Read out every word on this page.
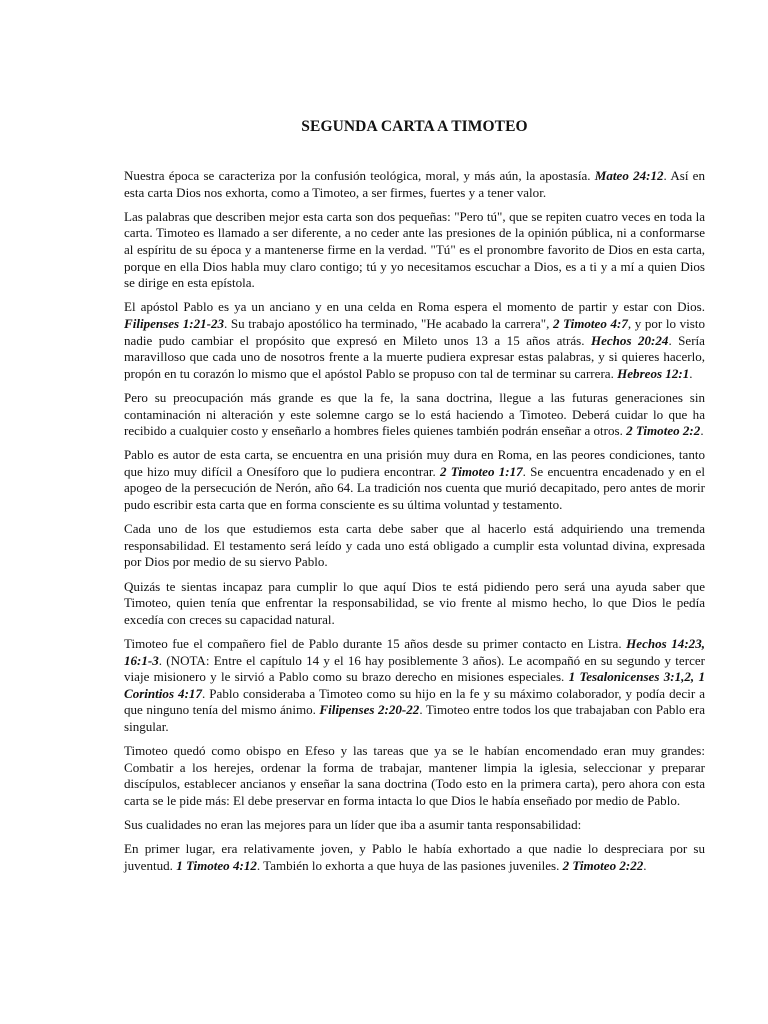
SEGUNDA CARTA A TIMOTEO

Nuestra época se caracteriza por la confusión teológica, moral, y más aún, la apostasía. Mateo 24:12. Así en esta carta Dios nos exhorta, como a Timoteo, a ser firmes, fuertes y a tener valor.

Las palabras que describen mejor esta carta son dos pequeñas: "Pero tú", que se repiten cuatro veces en toda la carta. Timoteo es llamado a ser diferente, a no ceder ante las presiones de la opinión pública, ni a conformarse al espíritu de su época y a mantenerse firme en la verdad. "Tú" es el pronombre favorito de Dios en esta carta, porque en ella Dios habla muy claro contigo; tú y yo necesitamos escuchar a Dios, es a ti y a mí a quien Dios se dirige en esta epístola.

El apóstol Pablo es ya un anciano y en una celda en Roma espera el momento de partir y estar con Dios. Filipenses 1:21-23. Su trabajo apostólico ha terminado, "He acabado la carrera", 2 Timoteo 4:7, y por lo visto nadie pudo cambiar el propósito que expresó en Mileto unos 13 a 15 años atrás. Hechos 20:24. Sería maravilloso que cada uno de nosotros frente a la muerte pudiera expresar estas palabras, y si quieres hacerlo, propón en tu corazón lo mismo que el apóstol Pablo se propuso con tal de terminar su carrera. Hebreos 12:1.

Pero su preocupación más grande es que la fe, la sana doctrina, llegue a las futuras generaciones sin contaminación ni alteración y este solemne cargo se lo está haciendo a Timoteo. Deberá cuidar lo que ha recibido a cualquier costo y enseñarlo a hombres fieles quienes también podrán enseñar a otros. 2 Timoteo 2:2.

Pablo es autor de esta carta, se encuentra en una prisión muy dura en Roma, en las peores condiciones, tanto que hizo muy difícil a Onesíforo que lo pudiera encontrar. 2 Timoteo 1:17. Se encuentra encadenado y en el apogeo de la persecución de Nerón, año 64. La tradición nos cuenta que murió decapitado, pero antes de morir pudo escribir esta carta que en forma consciente es su última voluntad y testamento.

Cada uno de los que estudiemos esta carta debe saber que al hacerlo está adquiriendo una tremenda responsabilidad. El testamento será leído y cada uno está obligado a cumplir esta voluntad divina, expresada por Dios por medio de su siervo Pablo.

Quizás te sientas incapaz para cumplir lo que aquí Dios te está pidiendo pero será una ayuda saber que Timoteo, quien tenía que enfrentar la responsabilidad, se vio frente al mismo hecho, lo que Dios le pedía excedía con creces su capacidad natural.

Timoteo fue el compañero fiel de Pablo durante 15 años desde su primer contacto en Listra. Hechos 14:23, 16:1-3. (NOTA: Entre el capítulo 14 y el 16 hay posiblemente 3 años). Le acompañó en su segundo y tercer viaje misionero y le sirvió a Pablo como su brazo derecho en misiones especiales. 1 Tesalonicenses 3:1,2, 1 Corintios 4:17. Pablo consideraba a Timoteo como su hijo en la fe y su máximo colaborador, y podía decir a que ninguno tenía del mismo ánimo. Filipenses 2:20-22. Timoteo entre todos los que trabajaban con Pablo era singular.

Timoteo quedó como obispo en Efeso y las tareas que ya se le habían encomendado eran muy grandes: Combatir a los herejes, ordenar la forma de trabajar, mantener limpia la iglesia, seleccionar y preparar discípulos, establecer ancianos y enseñar la sana doctrina (Todo esto en la primera carta), pero ahora con esta carta se le pide más: El debe preservar en forma intacta lo que Dios le había enseñado por medio de Pablo.

Sus cualidades no eran las mejores para un líder que iba a asumir tanta responsabilidad:

En primer lugar, era relativamente joven, y Pablo le había exhortado a que nadie lo despreciara por su juventud. 1 Timoteo 4:12. También lo exhorta a que huya de las pasiones juveniles. 2 Timoteo 2:22.
